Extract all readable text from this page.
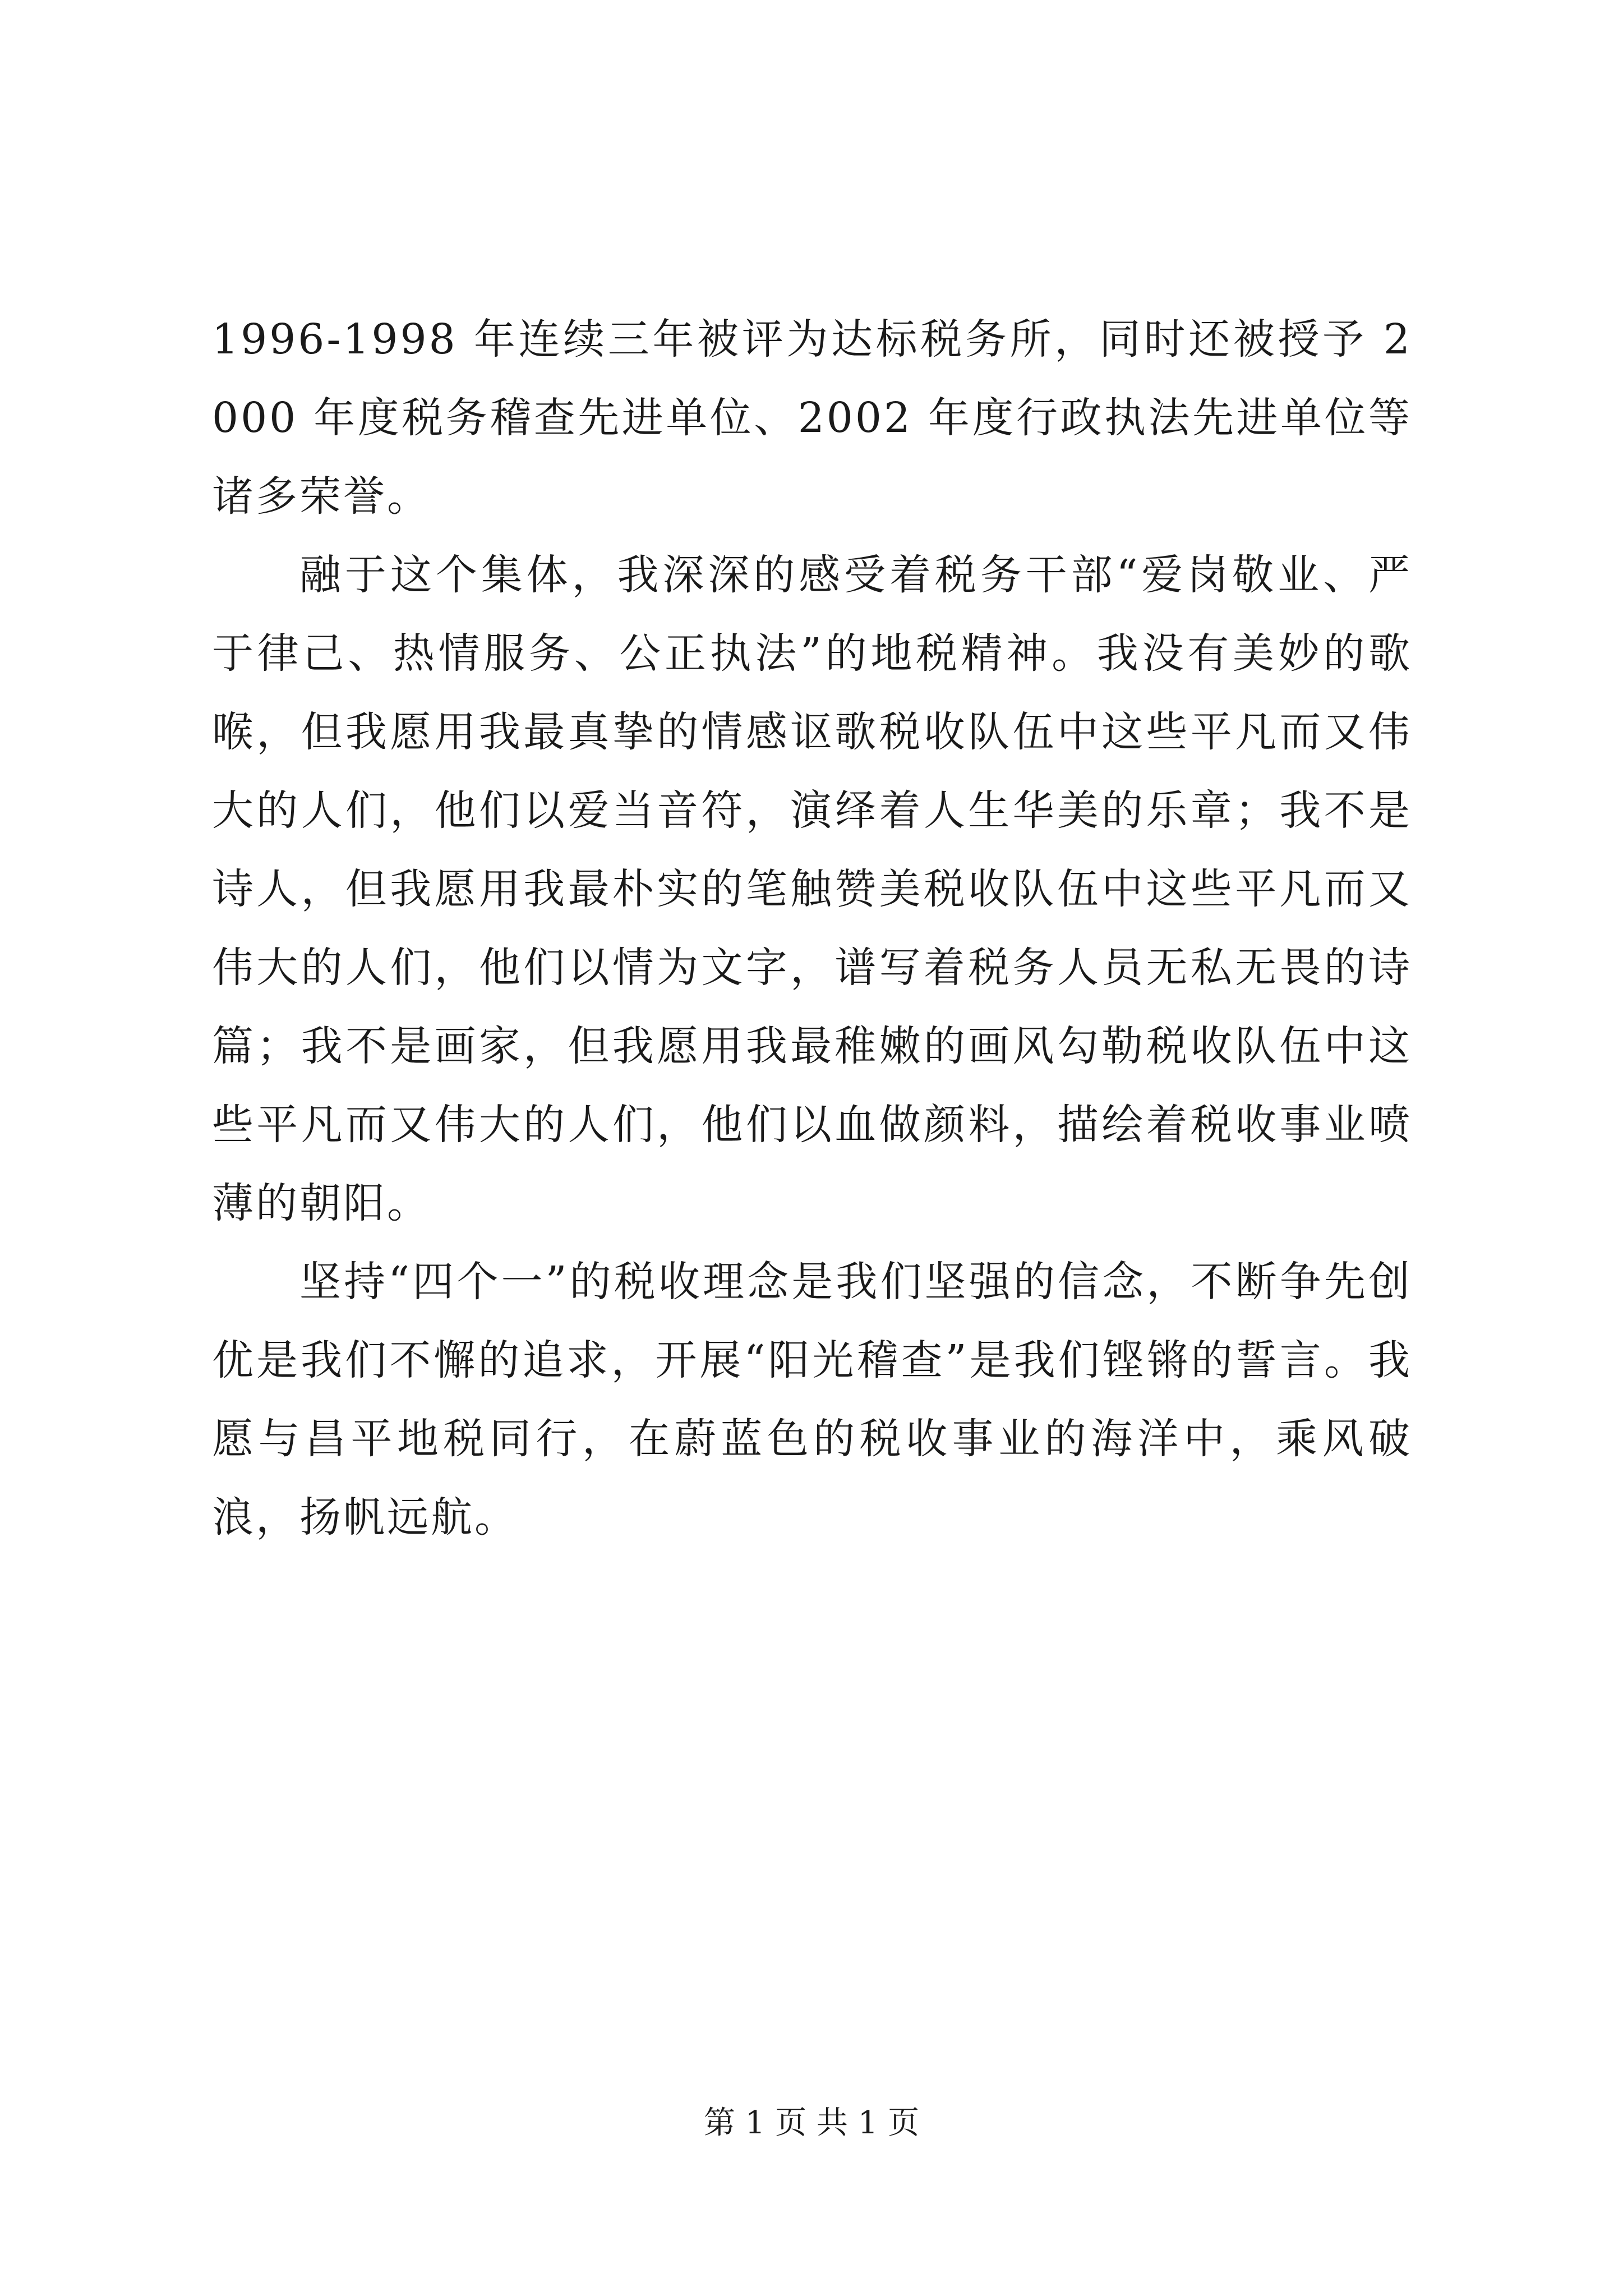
1996-1998 年连续三年被评为达标税务所，同时还被授予 2000 年度税务稽查先进单位、2002 年度行政执法先进单位等诸多荣誉。

融于这个集体，我深深的感受着税务干部“爱岗敬业、严于律己、热情服务、公正执法”的地税精神。我没有美妙的歌喉，但我愿用我最真挚的情感讴歌税收队伍中这些平凡而又伟大的人们，他们以爱当音符，演绎着人生华美的乐章；我不是诗人，但我愿用我最朴实的笔触赞美税收队伍中这些平凡而又伟大的人们，他们以情为文字，谱写着税务人员无私无畏的诗篇；我不是画家，但我愿用我最稚嫩的画风勾勒税收队伍中这些平凡而又伟大的人们，他们以血做颜料，描绘着税收事业喷薄的朝阳。

坚持“四个一”的税收理念是我们坚强的信念，不断争先创优是我们不懈的追求，开展“阳光稽查”是我们铿锵的誓言。我愿与昌平地税同行，在蔚蓝色的税收事业的海洋中，乘风破浪，扬帆远航。

第 1 页 共 1 页
